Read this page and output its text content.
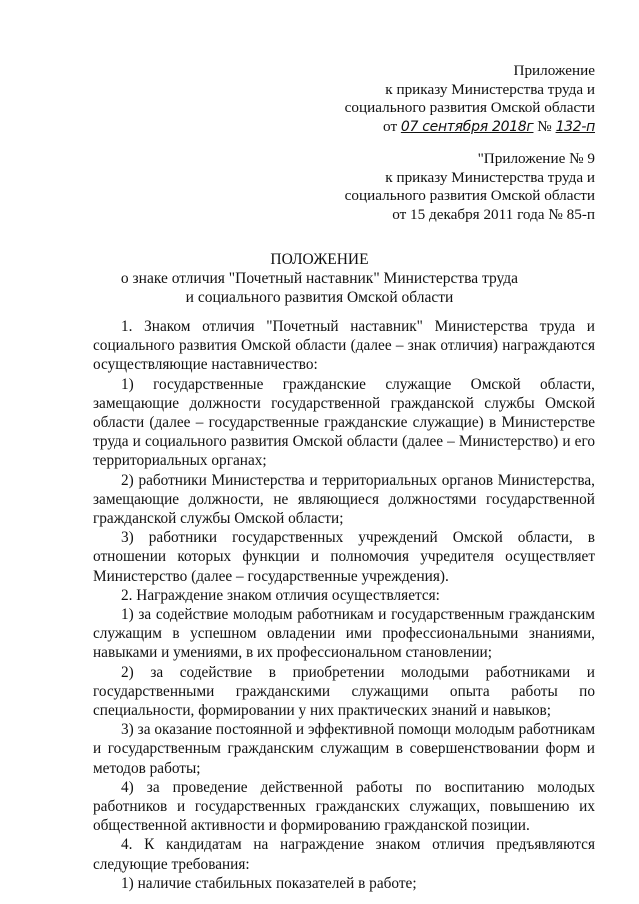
Приложение
к приказу Министерства труда и
социального развития Омской области
от 07 сентября 2018г № 132-п
"Приложение № 9
к приказу Министерства труда и
социального развития Омской области
от 15 декабря 2011 года № 85-п
ПОЛОЖЕНИЕ
о знаке отличия "Почетный наставник" Министерства труда
и социального развития Омской области

1. Знаком отличия "Почетный наставник" Министерства труда и социального развития Омской области (далее – знак отличия) награждаются осуществляющие наставничество:

1) государственные гражданские служащие Омской области, замещающие должности государственной гражданской службы Омской области (далее – государственные гражданские служащие) в Министерстве труда и социального развития Омской области (далее – Министерство) и его территориальных органах;

2) работники Министерства и территориальных органов Министерства, замещающие должности, не являющиеся должностями государственной гражданской службы Омской области;

3) работники государственных учреждений Омской области, в отношении которых функции и полномочия учредителя осуществляет Министерство (далее – государственные учреждения).

2. Награждение знаком отличия осуществляется:

1) за содействие молодым работникам и государственным гражданским служащим в успешном овладении ими профессиональными знаниями, навыками и умениями, в их профессиональном становлении;

2) за содействие в приобретении молодыми работниками и государственными гражданскими служащими опыта работы по специальности, формировании у них практических знаний и навыков;

3) за оказание постоянной и эффективной помощи молодым работникам и государственным гражданским служащим в совершенствовании форм и методов работы;

4) за проведение действенной работы по воспитанию молодых работников и государственных гражданских служащих, повышению их общественной активности и формированию гражданской позиции.

4. К кандидатам на награждение знаком отличия предъявляются следующие требования:

1) наличие стабильных показателей в работе;
